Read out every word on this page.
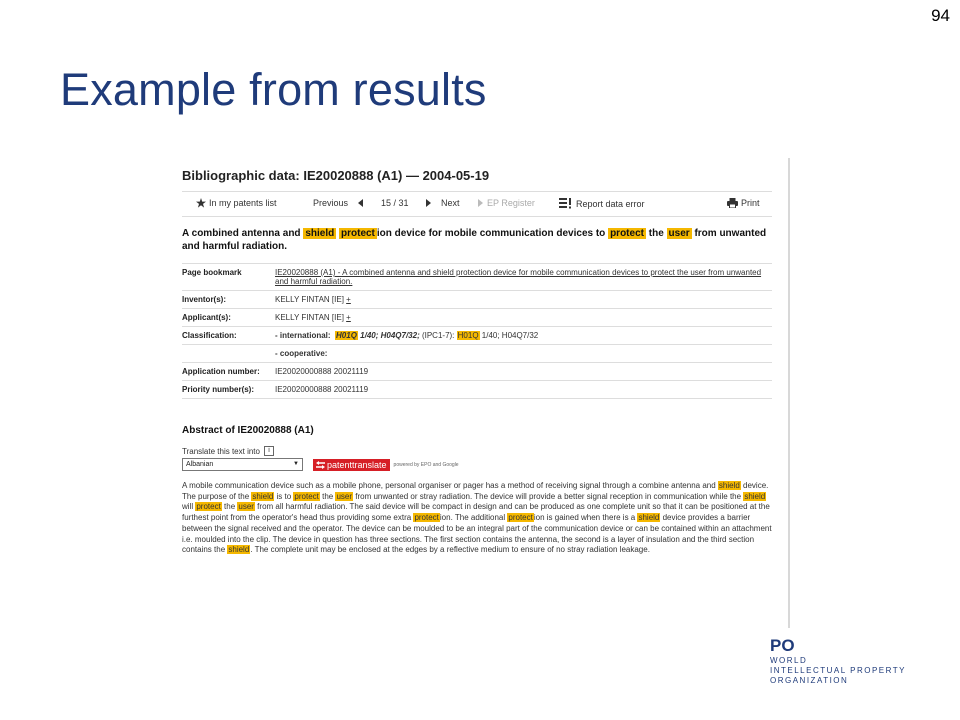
94
Example from results
Bibliographic data: IE20020888 (A1) — 2004-05-19
In my patents list	Previous	15 / 31	Next	EP Register	Report data error	Print
A combined antenna and shield protect ion device for mobile communication devices to protect the user from unwanted and harmful radiation.
Page bookmark	IE20020888 (A1) - A combined antenna and shield protection device for mobile communication devices to protect the user from unwanted and harmful radiation.
Inventor(s):	KELLY FINTAN [IE] +
Applicant(s):	KELLY FINTAN [IE] +
Classification:	- international: H01Q 1/40; H04Q7/32; (IPC1-7): H01Q 1/40; H04Q7/32
	- cooperative:
Application number:	IE20020000888 20021119
Priority number(s):	IE20020000888 20021119
Abstract of IE20020888 (A1)
Translate this text into	i
Albanian	▼	patenttranslate powered by EPO and Google
A mobile communication device such as a mobile phone, personal organiser or pager has a method of receiving signal through a combine antenna and shield device. The purpose of the shield is to protect the user from unwanted or stray radiation. The device will provide a better signal reception in communication while the shield will protect the user from all harmful radiation. The said device will be compact in design and can be produced as one complete unit so that it can be positioned at the furthest point from the operator's head thus providing some extra protection. The additional protection is gained when there is a shield device provides a barrier between the signal received and the operator. The device can be moulded to be an integral part of the communication device or can be contained within an attachment i.e. moulded into the clip. The device in question has three sections. The first section contains the antenna, the second is a layer of insulation and the third section contains the shield. The complete unit may be enclosed at the edges by a reflective medium to ensure of no stray radiation leakage.
PO
WORLD
INTELLECTUAL PROPERTY
ORGANIZATION
